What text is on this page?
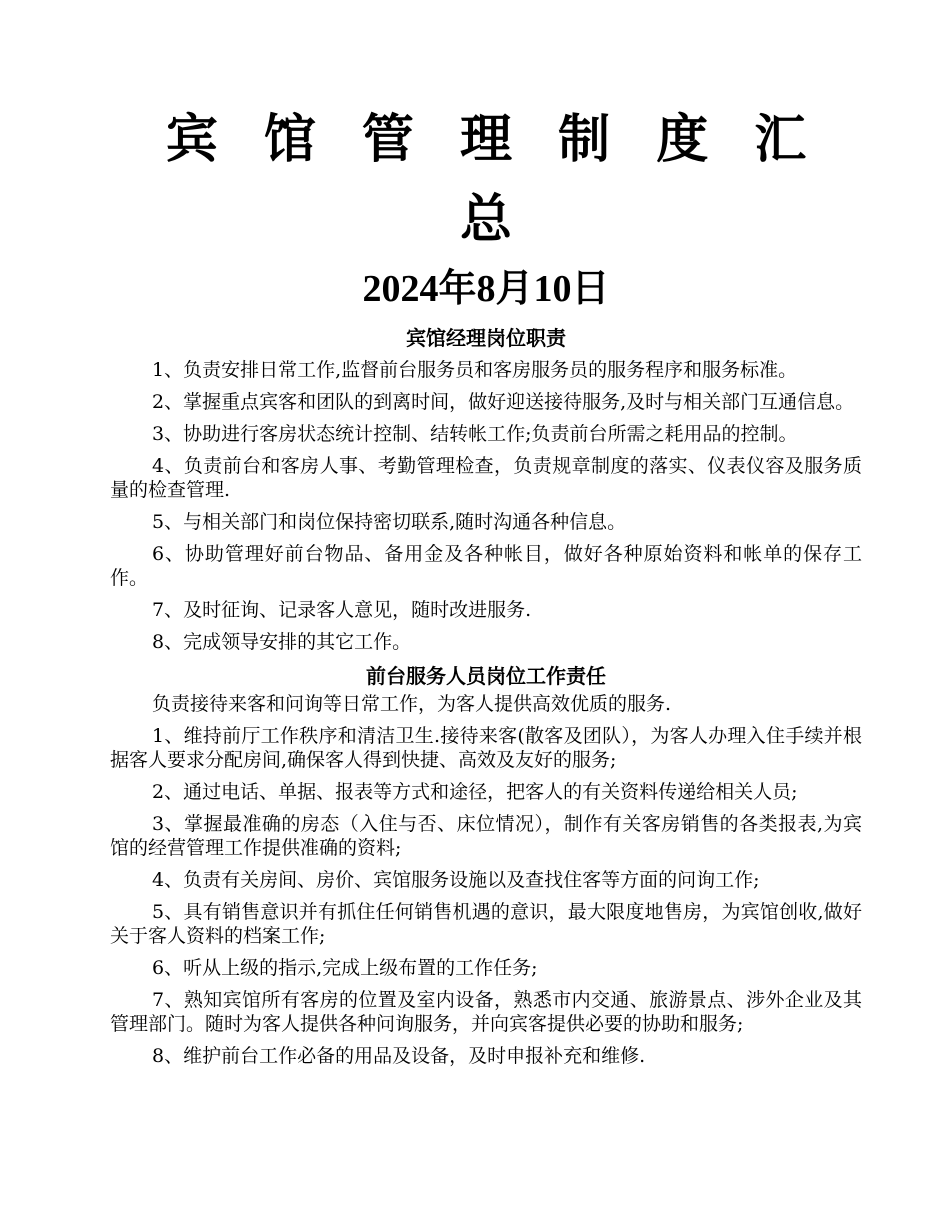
宾 馆 管 理 制 度 汇 总
2024年8月10日
宾馆经理岗位职责

1、负责安排日常工作,监督前台服务员和客房服务员的服务程序和服务标准。

2、掌握重点宾客和团队的到离时间，做好迎送接待服务,及时与相关部门互通信息。

3、协助进行客房状态统计控制、结转帐工作;负责前台所需之耗用品的控制。

4、负责前台和客房人事、考勤管理检查，负责规章制度的落实、仪表仪容及服务质量的检查管理.

5、与相关部门和岗位保持密切联系,随时沟通各种信息。

6、协助管理好前台物品、备用金及各种帐目，做好各种原始资料和帐单的保存工作。

7、及时征询、记录客人意见，随时改进服务.

8、完成领导安排的其它工作。

前台服务人员岗位工作责任

负责接待来客和问询等日常工作，为客人提供高效优质的服务.

1、维持前厅工作秩序和清洁卫生.接待来客(散客及团队），为客人办理入住手续并根据客人要求分配房间,确保客人得到快捷、高效及友好的服务;

2、通过电话、单据、报表等方式和途径，把客人的有关资料传递给相关人员;

3、掌握最准确的房态（入住与否、床位情况），制作有关客房销售的各类报表,为宾馆的经营管理工作提供准确的资料;

4、负责有关房间、房价、宾馆服务设施以及查找住客等方面的问询工作;

5、具有销售意识并有抓住任何销售机遇的意识，最大限度地售房，为宾馆创收,做好关于客人资料的档案工作;

6、听从上级的指示,完成上级布置的工作任务;

7、熟知宾馆所有客房的位置及室内设备，熟悉市内交通、旅游景点、涉外企业及其管理部门。随时为客人提供各种问询服务，并向宾客提供必要的协助和服务;

8、维护前台工作必备的用品及设备，及时申报补充和维修.
